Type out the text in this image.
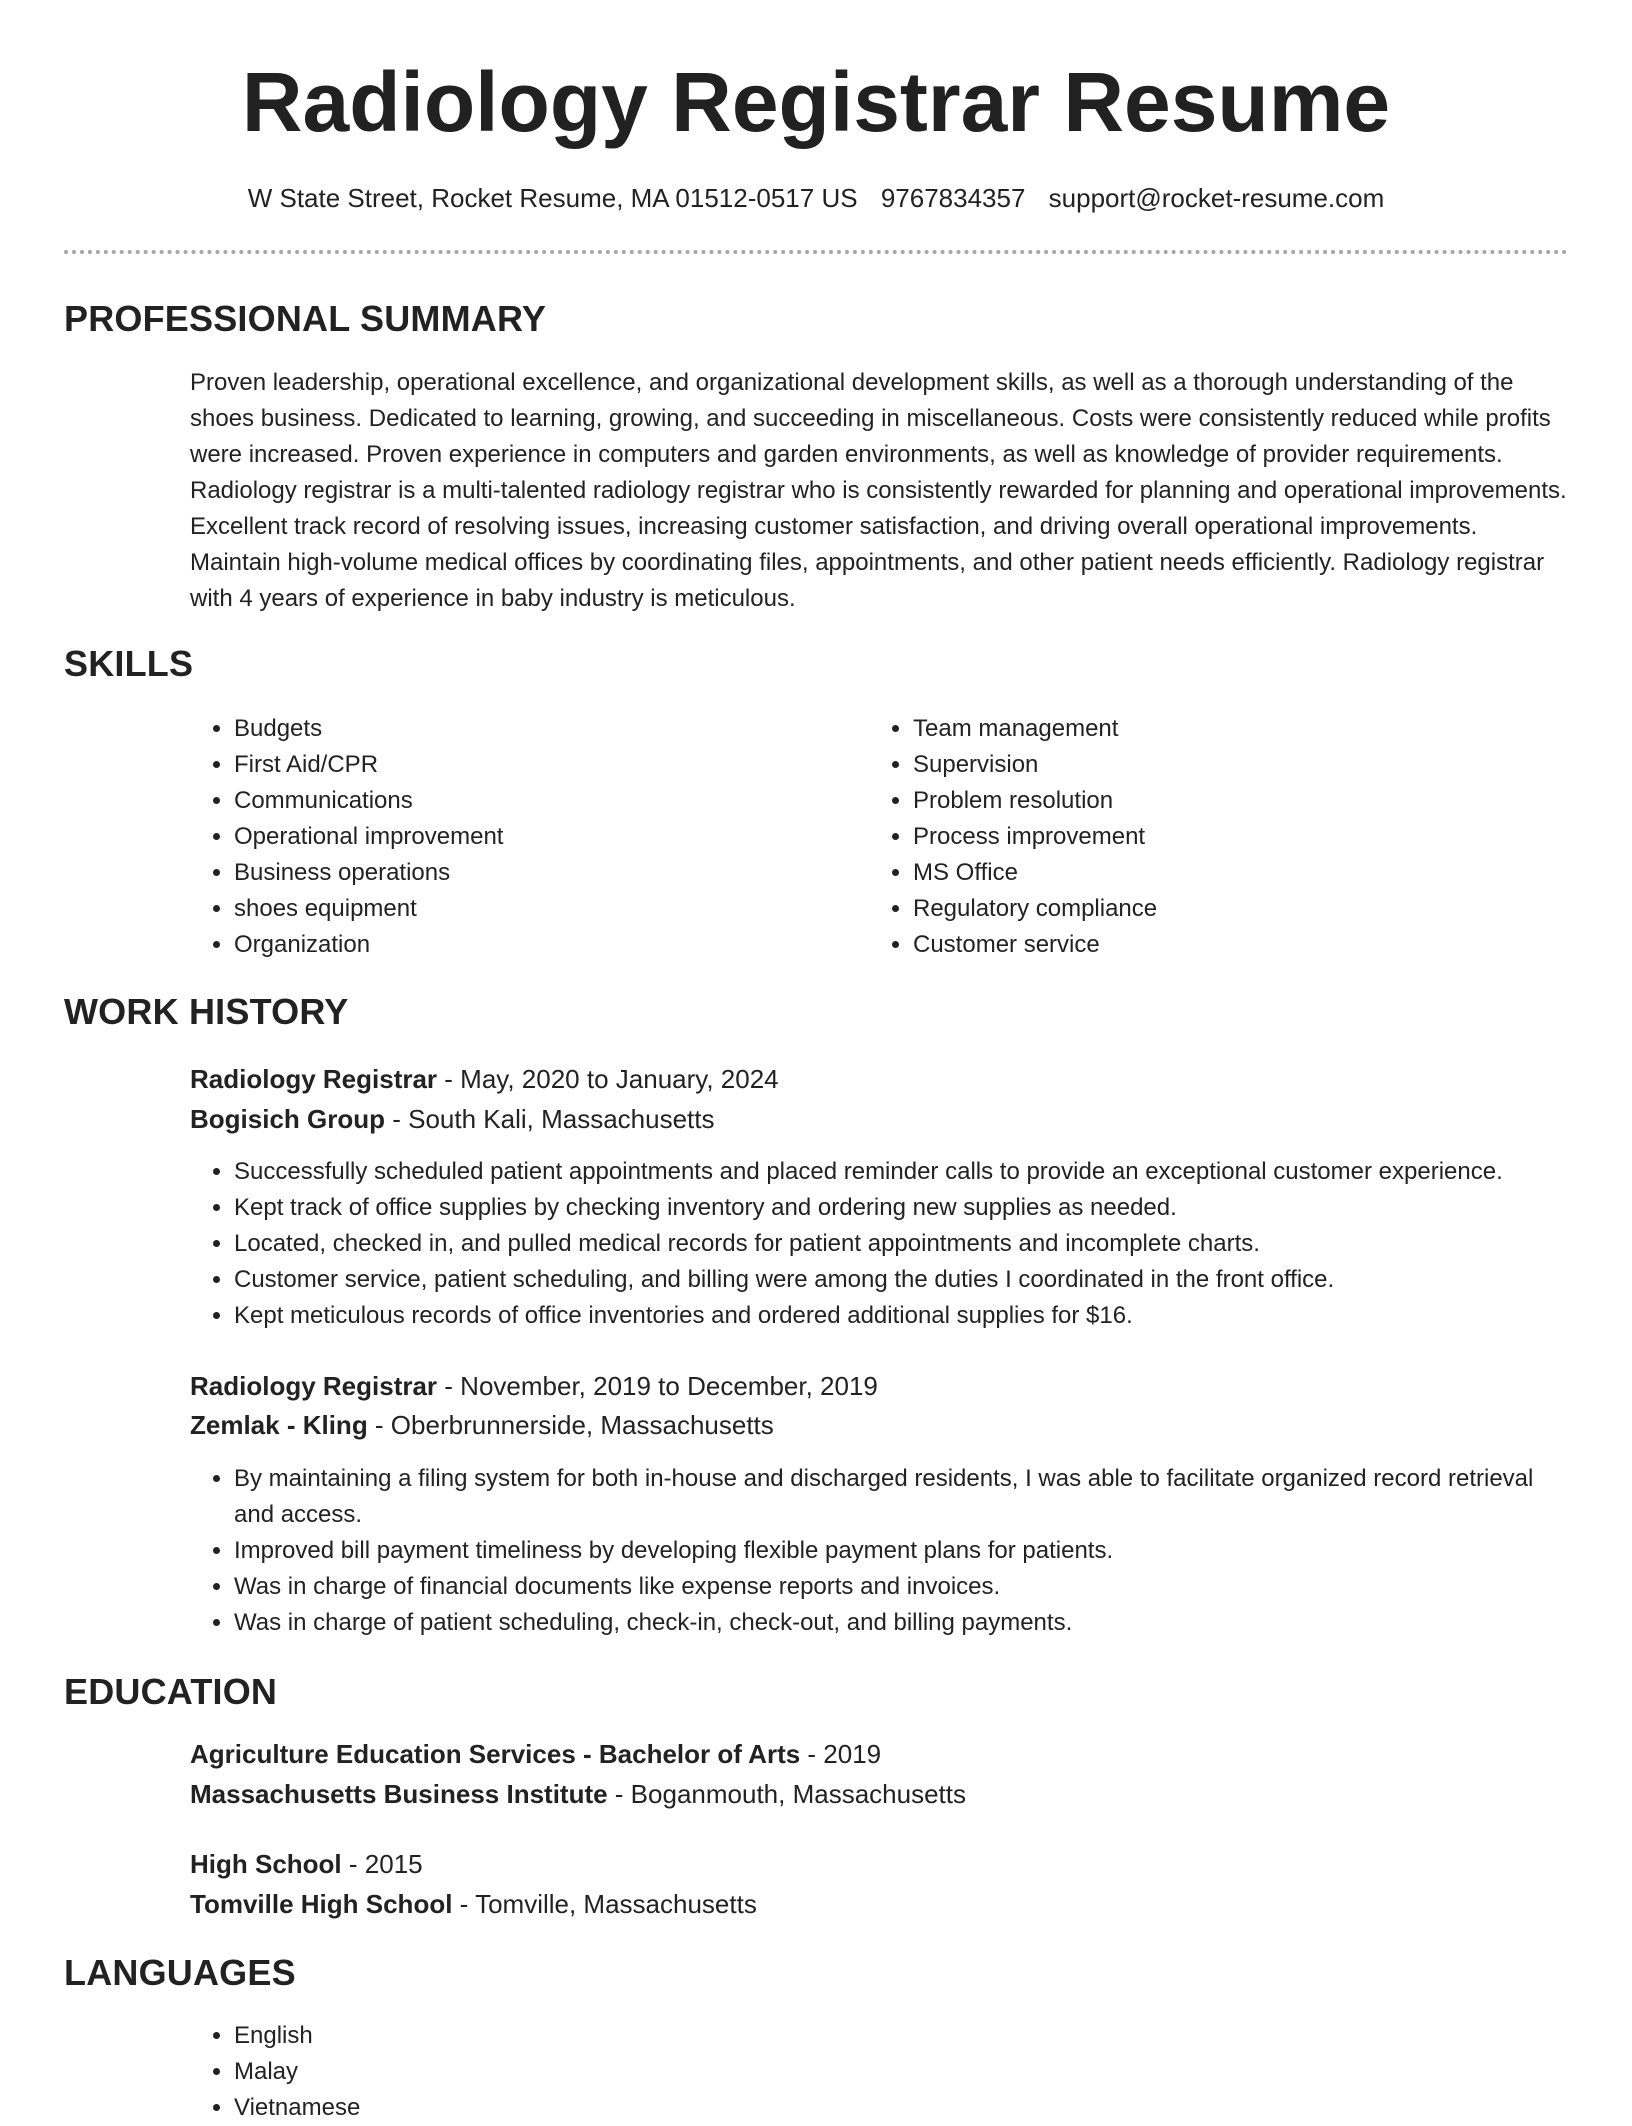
Radiology Registrar Resume
W State Street, Rocket Resume, MA 01512-0517 US 9767834357 support@rocket-resume.com
PROFESSIONAL SUMMARY

Proven leadership, operational excellence, and organizational development skills, as well as a thorough understanding of the shoes business. Dedicated to learning, growing, and succeeding in miscellaneous. Costs were consistently reduced while profits were increased. Proven experience in computers and garden environments, as well as knowledge of provider requirements. Radiology registrar is a multi-talented radiology registrar who is consistently rewarded for planning and operational improvements. Excellent track record of resolving issues, increasing customer satisfaction, and driving overall operational improvements. Maintain high-volume medical offices by coordinating files, appointments, and other patient needs efficiently. Radiology registrar with 4 years of experience in baby industry is meticulous.

SKILLS
• Budgets
• First Aid/CPR
• Communications
• Operational improvement
• Business operations
• shoes equipment
• Organization
• Team management
• Supervision
• Problem resolution
• Process improvement
• MS Office
• Regulatory compliance
• Customer service
WORK HISTORY
Radiology Registrar - May, 2020 to January, 2024
Bogisich Group - South Kali, Massachusetts
• Successfully scheduled patient appointments and placed reminder calls to provide an exceptional customer experience.
• Kept track of office supplies by checking inventory and ordering new supplies as needed.
• Located, checked in, and pulled medical records for patient appointments and incomplete charts.
• Customer service, patient scheduling, and billing were among the duties I coordinated in the front office.
• Kept meticulous records of office inventories and ordered additional supplies for $16.
Radiology Registrar - November, 2019 to December, 2019
Zemlak - Kling - Oberbrunnerside, Massachusetts
• By maintaining a filing system for both in-house and discharged residents, I was able to facilitate organized record retrieval and access.
• Improved bill payment timeliness by developing flexible payment plans for patients.
• Was in charge of financial documents like expense reports and invoices.
• Was in charge of patient scheduling, check-in, check-out, and billing payments.
EDUCATION
Agriculture Education Services - Bachelor of Arts - 2019
Massachusetts Business Institute - Boganmouth, Massachusetts
High School - 2015
Tomville High School - Tomville, Massachusetts
LANGUAGES
• English
• Malay
• Vietnamese
